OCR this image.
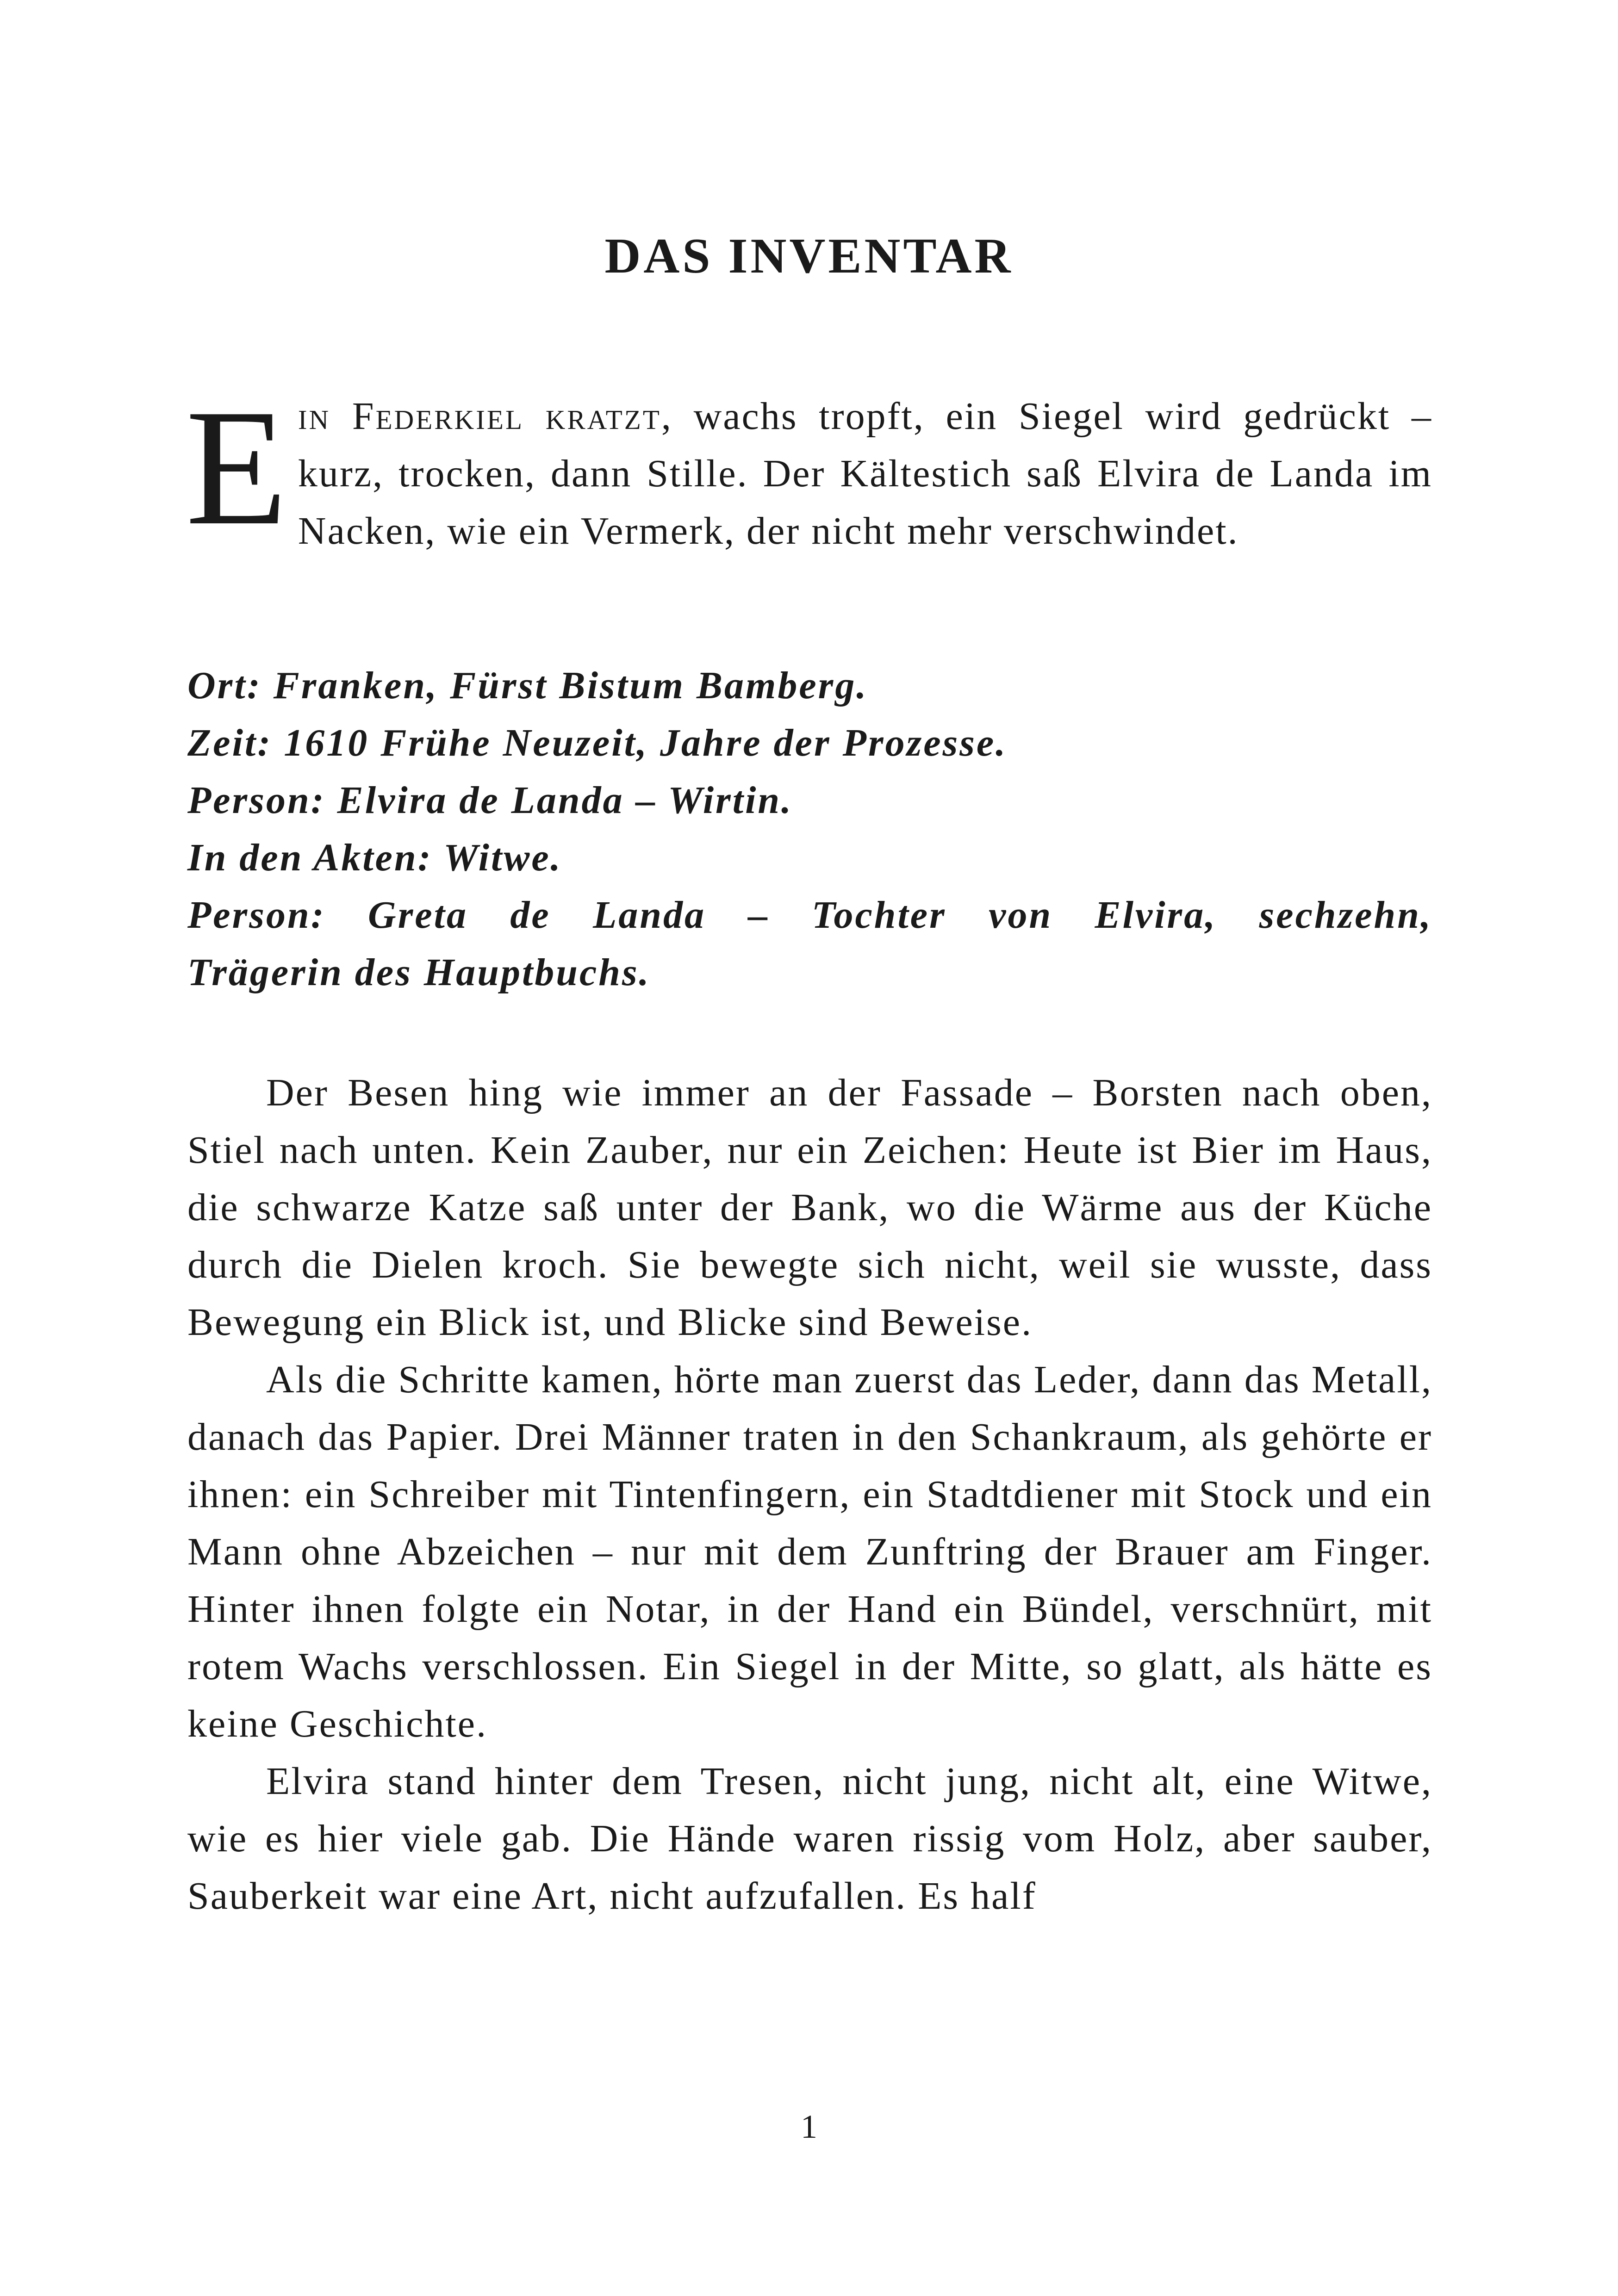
DAS INVENTAR
Ein Federkiel kratzt, wachs tropft, ein Siegel wird gedrückt – kurz, trocken, dann Stille. Der Kältestich saß Elvira de Landa im Nacken, wie ein Vermerk, der nicht mehr verschwindet.
Ort: Franken, Fürst Bistum Bamberg.
Zeit: 1610 Frühe Neuzeit, Jahre der Prozesse.
Person: Elvira de Landa – Wirtin.
In den Akten: Witwe.
Person: Greta de Landa – Tochter von Elvira, sechzehn,
Trägerin des Hauptbuchs.

Der Besen hing wie immer an der Fassade – Borsten nach oben, Stiel nach unten. Kein Zauber, nur ein Zeichen: Heute ist Bier im Haus, die schwarze Katze saß unter der Bank, wo die Wärme aus der Küche durch die Dielen kroch. Sie bewegte sich nicht, weil sie wusste, dass Bewegung ein Blick ist, und Blicke sind Beweise.

Als die Schritte kamen, hörte man zuerst das Leder, dann das Metall, danach das Papier. Drei Männer traten in den Schankraum, als gehörte er ihnen: ein Schreiber mit Tintenfingern, ein Stadtdiener mit Stock und ein Mann ohne Abzeichen – nur mit dem Zunftring der Brauer am Finger. Hinter ihnen folgte ein Notar, in der Hand ein Bündel, verschnürt, mit rotem Wachs verschlossen. Ein Siegel in der Mitte, so glatt, als hätte es keine Geschichte.

Elvira stand hinter dem Tresen, nicht jung, nicht alt, eine Witwe, wie es hier viele gab. Die Hände waren rissig vom Holz, aber sauber, Sauberkeit war eine Art, nicht aufzufallen. Es half

1
